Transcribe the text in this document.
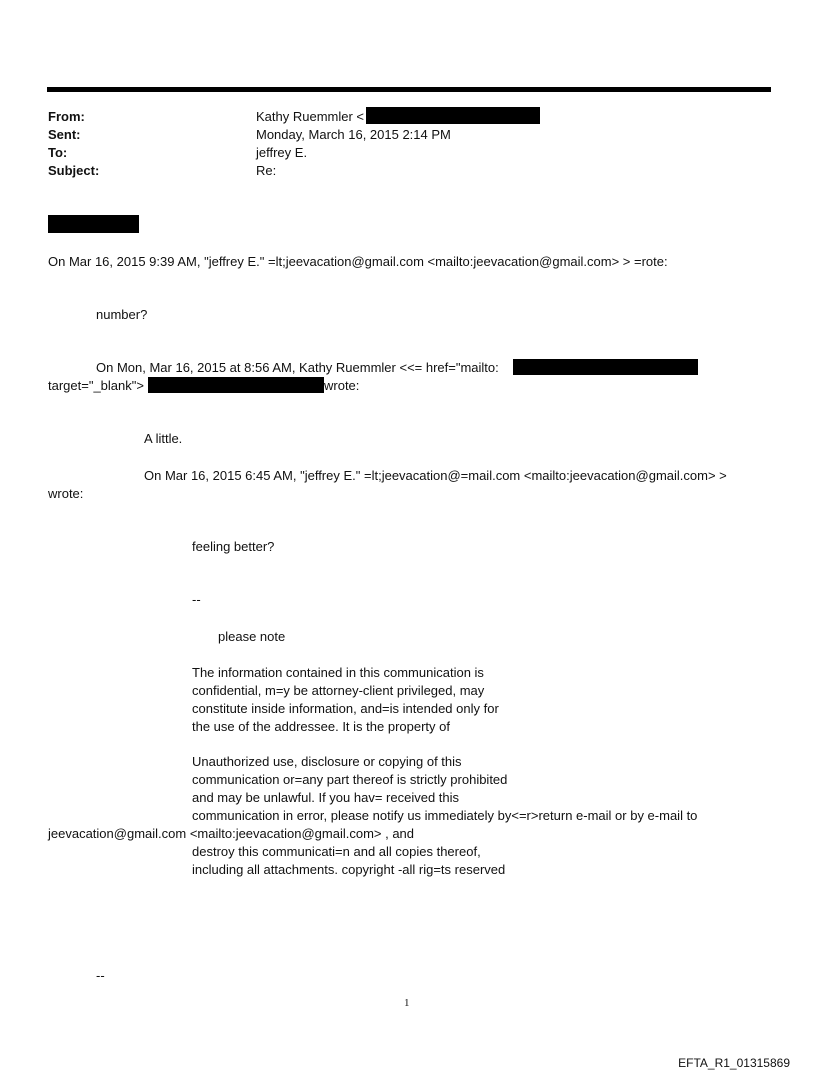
From:	Kathy Ruemmler <
Sent:	Monday, March 16, 2015 2:14 PM
To:	jeffrey E.
Subject:	Re:
On Mar 16, 2015 9:39 AM, "jeffrey E." =lt;jeevacation@gmail.com <mailto:jeevacation@gmail.com> > =rote:
number?
On Mon, Mar 16, 2015 at 8:56 AM, Kathy Ruemmler <<= href="mailto:
target="_blank">	wrote:
A little.
On Mar 16, 2015 6:45 AM, "jeffrey E." =lt;jeevacation@=mail.com <mailto:jeevacation@gmail.com> >
wrote:
feeling better?
--
please note
The information contained in this communication is
confidential, m=y be attorney-client privileged, may
constitute inside information, and=is intended only for
the use of the addressee. It is the property of
Unauthorized use, disclosure or copying of this
communication or=any part thereof is strictly prohibited
and may be unlawful. If you hav= received this
communication in error, please notify us immediately by<=r>return e-mail or by e-mail to
jeevacation@gmail.com <mailto:jeevacation@gmail.com> , and
destroy this communicati=n and all copies thereof,
including all attachments. copyright -all rig=ts reserved
--
1
EFTA_R1_01315869
